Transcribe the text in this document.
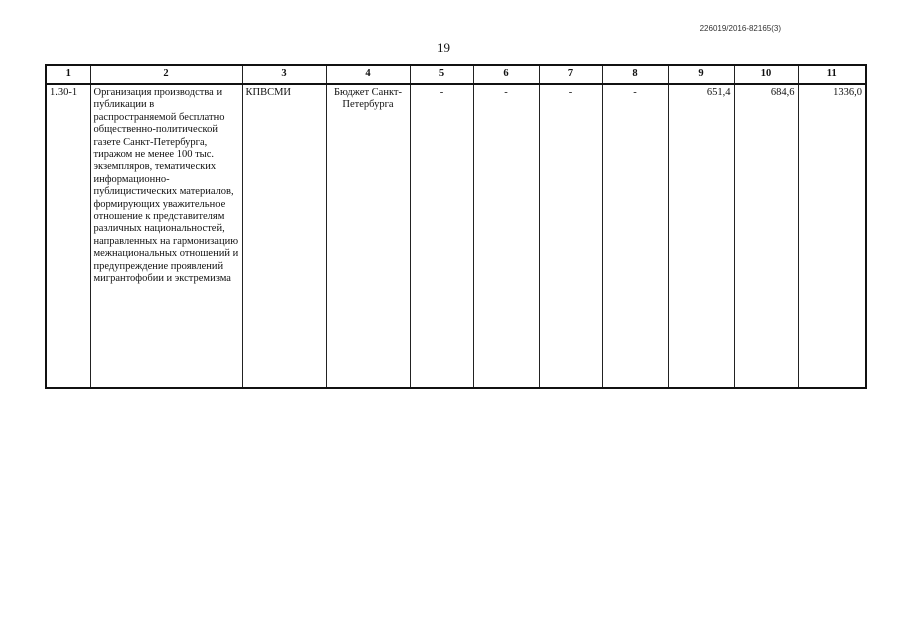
226019/2016-82165(3)
19
1	2	3	4	5	6	7	8	9	10	11
1.30-1	Организация производства и публикации в распространяемой бесплатно общественно-политической газете Санкт-Петербурга, тиражом не менее 100 тыс. экземпляров, тематических информационно-публицистических материалов, формирующих уважительное отношение к представителям различных национальностей, направленных на гармонизацию межнациональных отношений и предупреждение проявлений мигрантофобии и экстремизма	КПВСМИ	Бюджет Санкт-Петербурга	-	-	-	-	651,4	684,6	1336,0
